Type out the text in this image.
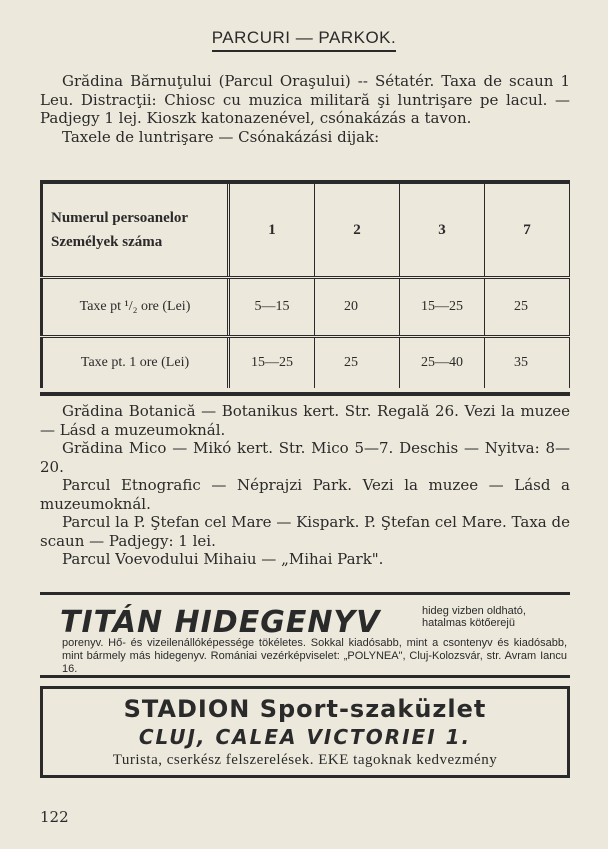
PARCURI — PARKOK.

Grădina Bărnuţului (Parcul Oraşului) -- Sétatér. Taxa de scaun 1 Leu. Distracţii: Chiosc cu muzica militară şi luntrişare pe lacul. — Padjegy 1 lej. Kioszk katonazenével, csónakázás a tavon.

Taxele de luntrişare — Csónakázási dijak:

Numerul persoanelor
Személyek száma
1	2	3	7
Taxe pt ¹/₂ ore (Lei)	5—15	20	15—25	25
Taxe pt. 1 ore (Lei)	15—25	25	25—40	35

Grădina Botanică — Botanikus kert. Str. Regală 26. Vezi la muzee — Lásd a muzeumoknál.

Grădina Mico — Mikó kert. Str. Mico 5—7. Deschis — Nyitva: 8—20.

Parcul Etnografic — Néprajzi Park. Vezi la muzee — Lásd a muzeumoknál.

Parcul la P. Ştefan cel Mare — Kispark. P. Ştefan cel Mare. Taxa de scaun — Padjegy: 1 lei.

Parcul Voevodului Mihaiu — „Mihai Park".

TITÁN HIDEGENYV	hideg vizben oldható, hatalmas kötőerejü
porenyv. Hő- és vizeilenállóképessége tökéletes. Sokkal kiadósabb, mint a csontenyv és kiadósabb, mint bármely más hidegenyv. Romániai vezérképviselet: „POLYNEA", Cluj-Kolozsvár, str. Avram Iancu 16.
STADION Sport-szaküzlet
CLUJ, CALEA VICTORIEI 1.
Turista, cserkész felszerelések. EKE tagoknak kedvezmény
122
